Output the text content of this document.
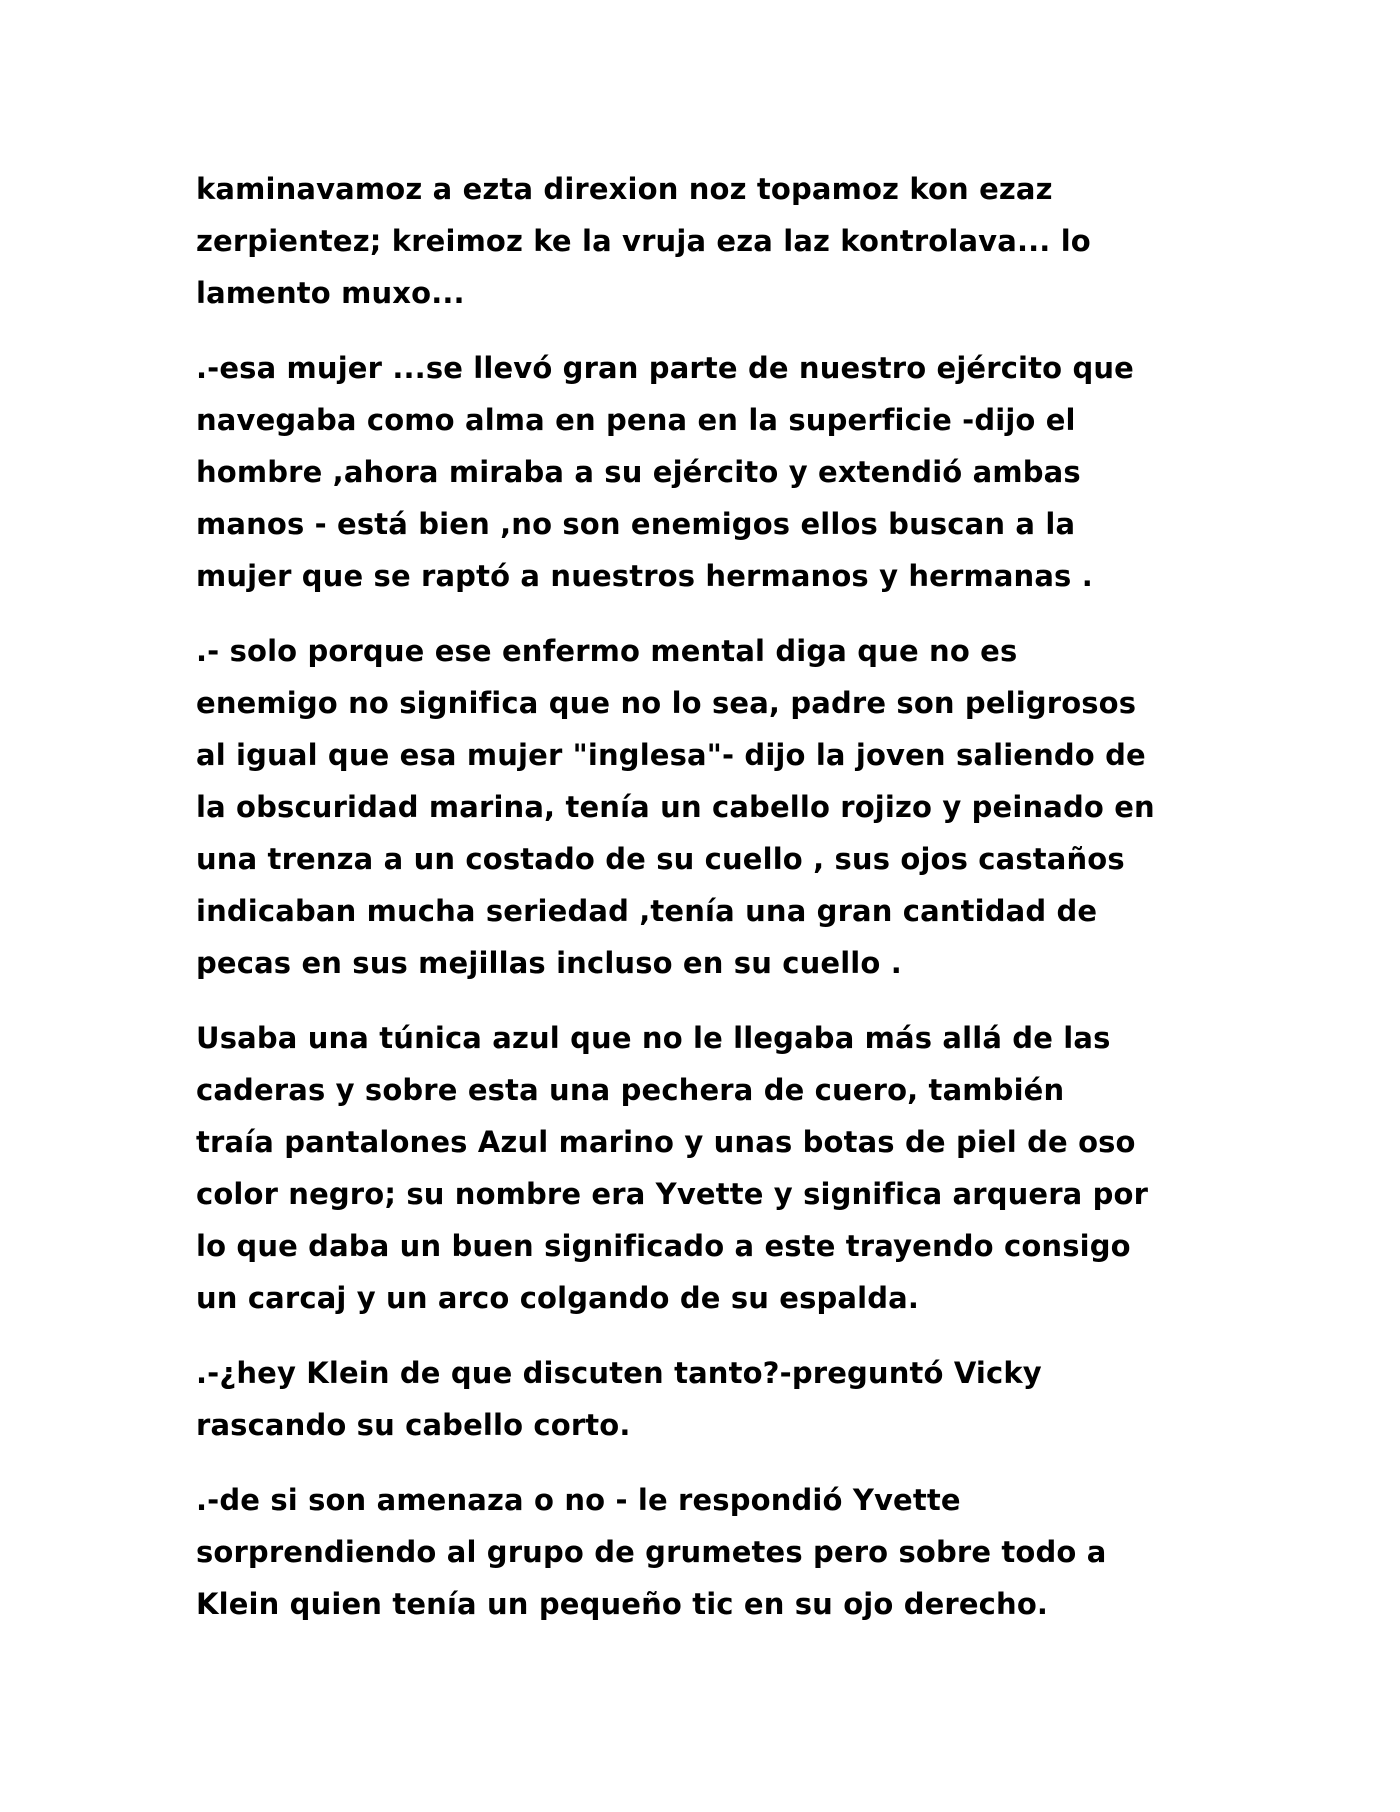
kaminavamoz a ezta direxion noz topamoz kon ezaz
zerpientez; kreimoz ke la vruja eza laz kontrolava... lo
lamento muxo...

.-esa mujer ...se llevó gran parte de nuestro ejército que
navegaba como alma en pena en la superficie -dijo el
hombre ,ahora miraba a su ejército y extendió ambas
manos - está bien ,no son enemigos ellos buscan a la
mujer que se raptó a nuestros hermanos y hermanas .

.- solo porque ese enfermo mental diga que no es
enemigo no significa que no lo sea, padre son peligrosos
al igual que esa mujer "inglesa"- dijo la joven saliendo de
la obscuridad marina, tenía un cabello rojizo y peinado en
una trenza a un costado de su cuello , sus ojos castaños
indicaban mucha seriedad ,tenía una gran cantidad de
pecas en sus mejillas incluso en su cuello .

Usaba una túnica azul que no le llegaba más allá de las
caderas y sobre esta una pechera de cuero, también
traía pantalones Azul marino y unas botas de piel de oso
color negro; su nombre era Yvette y significa arquera por
lo que daba un buen significado a este trayendo consigo
un carcaj y un arco colgando de su espalda.

.-¿hey Klein de que discuten tanto?-preguntó Vicky
rascando su cabello corto.

.-de si son amenaza o no - le respondió Yvette
sorprendiendo al grupo de grumetes pero sobre todo a
Klein quien tenía un pequeño tic en su ojo derecho.
